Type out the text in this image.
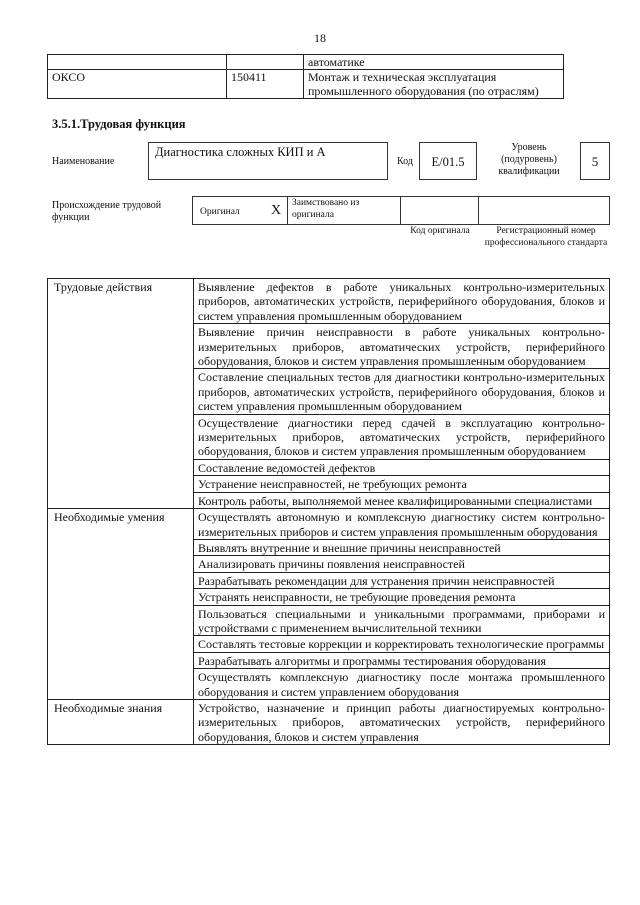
18
		автоматике
ОКСО	150411	Монтаж и техническая эксплуатация промышленного оборудования (по отраслям)
3.5.1.Трудовая функция
Наименование
Диагностика сложных КИП и А
Код	E/01.5
Уровень (подуровень) квалификации
5
Происхождение трудовой функции	Оригинал X Заимствовано из оригинала
Код оригинала	Регистрационный номер профессионального стандарта
Трудовые действия	Выявление дефектов в работе уникальных контрольно-измерительных приборов, автоматических устройств, периферийного оборудования, блоков и систем управления промышленным оборудованием
	Выявление причин неисправности в работе уникальных контрольно-измерительных приборов, автоматических устройств, периферийного оборудования, блоков и систем управления промышленным оборудованием
	Составление специальных тестов для диагностики контрольно-измерительных приборов, автоматических устройств, периферийного оборудования, блоков и систем управления промышленным оборудованием
	Осуществление диагностики перед сдачей в эксплуатацию контрольно-измерительных приборов, автоматических устройств, периферийного оборудования, блоков и систем управления промышленным оборудованием
	Составление ведомостей дефектов
	Устранение неисправностей, не требующих ремонта
	Контроль работы, выполняемой менее квалифицированными специалистами
Необходимые умения	Осуществлять автономную и комплексную диагностику систем контрольно-измерительных приборов и систем управления промышленным оборудования
	Выявлять внутренние и внешние причины неисправностей
	Анализировать причины появления неисправностей
	Разрабатывать рекомендации для устранения причин неисправностей
	Устранять неисправности, не требующие проведения ремонта
	Пользоваться специальными и уникальными программами, приборами и устройствами с применением вычислительной техники
	Составлять тестовые коррекции и корректировать технологические программы
	Разрабатывать алгоритмы и программы тестирования оборудования
	Осуществлять комплексную диагностику после монтажа промышленного оборудования и систем управлением оборудования
Необходимые знания	Устройство, назначение и принцип работы диагностируемых контрольно-измерительных приборов, автоматических устройств, периферийного оборудования, блоков и систем управления
